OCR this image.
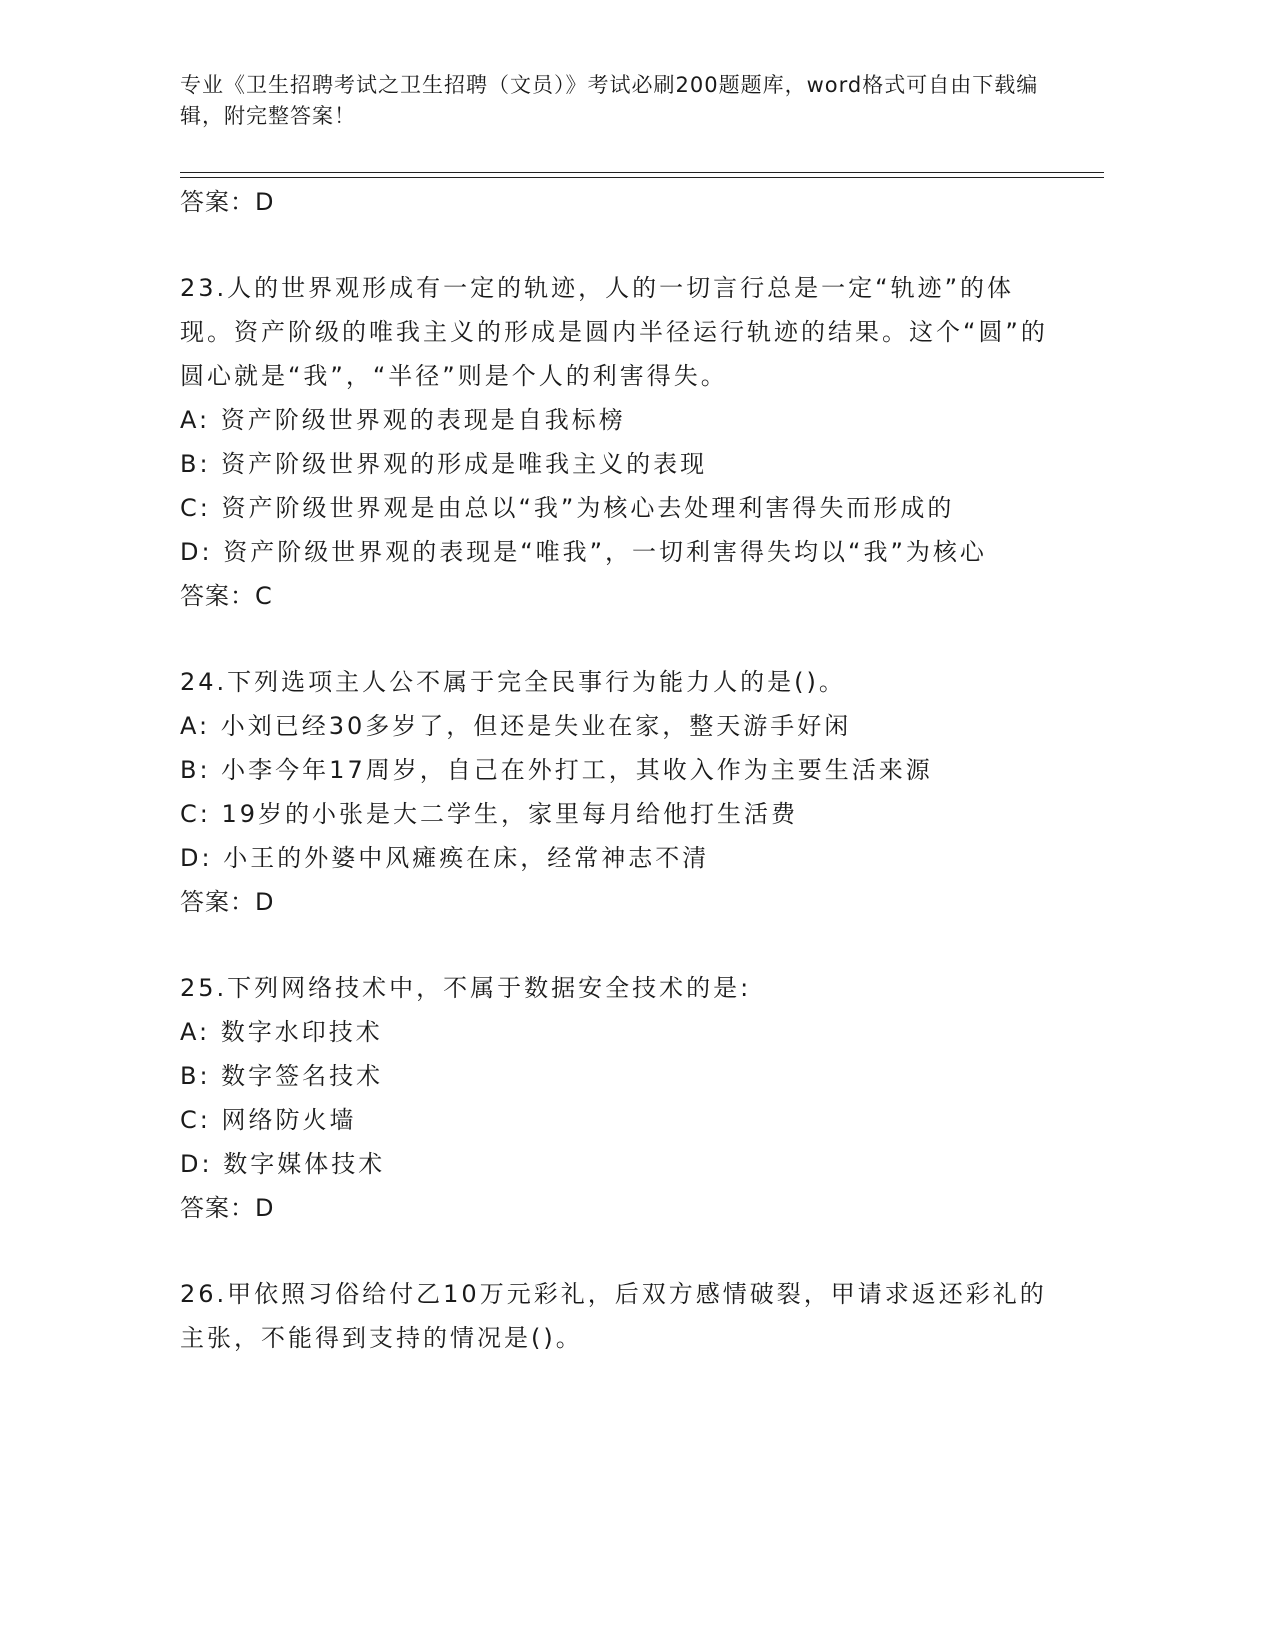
专业《卫生招聘考试之卫生招聘（文员）》考试必刷200题题库，word格式可自由下载编辑，附完整答案！

答案：D

23.人的世界观形成有一定的轨迹，人的一切言行总是一定“轨迹”的体现。资产阶级的唯我主义的形成是圆内半径运行轨迹的结果。这个“圆”的圆心就是“我”，“半径”则是个人的利害得失。

A: 资产阶级世界观的表现是自我标榜

B: 资产阶级世界观的形成是唯我主义的表现

C: 资产阶级世界观是由总以“我”为核心去处理利害得失而形成的

D: 资产阶级世界观的表现是“唯我”，一切利害得失均以“我”为核心

答案：C

24.下列选项主人公不属于完全民事行为能力人的是()。

A: 小刘已经30多岁了，但还是失业在家，整天游手好闲

B: 小李今年17周岁，自己在外打工，其收入作为主要生活来源

C: 19岁的小张是大二学生，家里每月给他打生活费

D: 小王的外婆中风瘫痪在床，经常神志不清

答案：D

25.下列网络技术中，不属于数据安全技术的是:

A: 数字水印技术

B: 数字签名技术

C: 网络防火墙

D: 数字媒体技术

答案：D

26.甲依照习俗给付乙10万元彩礼，后双方感情破裂，甲请求返还彩礼的主张，不能得到支持的情况是()。
